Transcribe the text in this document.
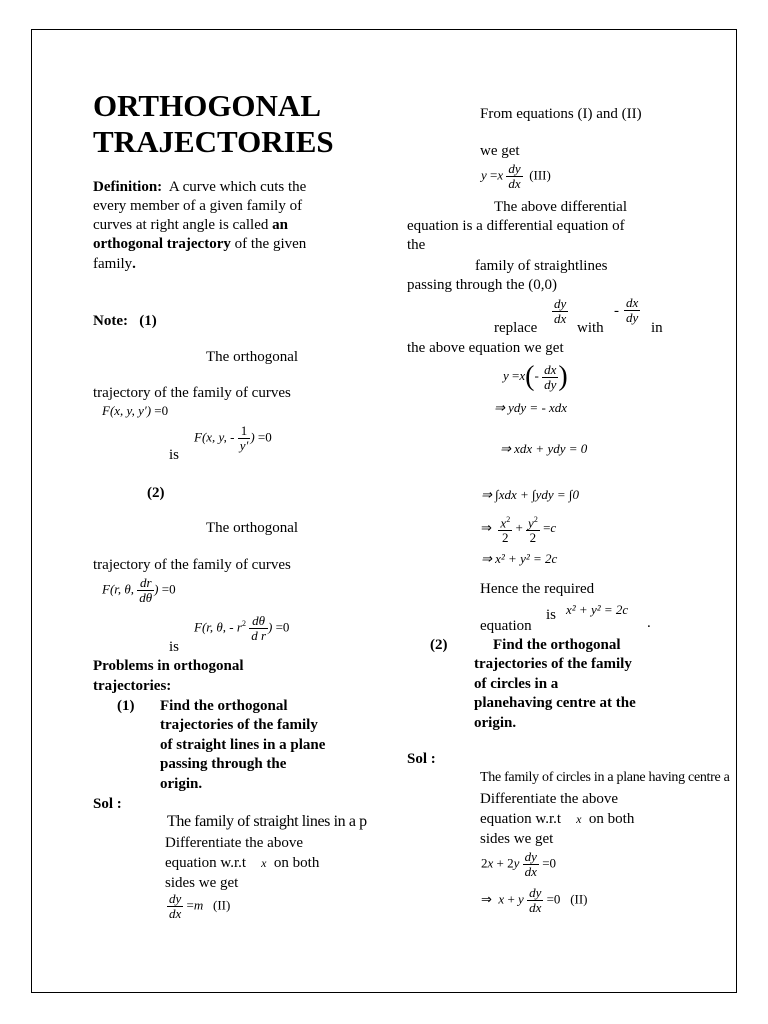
ORTHOGONAL
TRAJECTORIES
Definition: A curve which cuts the
every member of a given family of
curves at right angle is called an
orthogonal trajectory of the given
family.
Note: (1)
The orthogonal
trajectory of the family of curves
F(x, y, y′) =0
F(x, y, - $\frac{1}{y'}$ ) =0
is
(2)
The orthogonal
trajectory of the family of curves
F(r, θ, $\frac{dr}{d\theta}$ ) =0
F(r, θ, - $r^2 \frac{d\theta}{\text{d r}}$ ) =0
is
Problems in orthogonal
trajectories:
(1) Find the orthogonal
trajectories of the family
of straight lines in a plane
passing through the
origin.
Sol :
The family of straight lines in a p
Differentiate the above
equation w.r.t x on both
sides we get
$\frac{dy}{dx} =m$   (II)
From equations (I) and (II)
we get
$y =x \frac{dy}{dx} (III)$
The above differential
equation is a differential equation of
the
family of straightlines
passing through the (0,0)
replace
$\frac{dy}{dx}$
with
- $\frac{dx}{dy}$
in
the above equation we get
$y =x(- \frac{dx}{dy}$ )
⇒ ydy = - xdx
⇒ xdx + ydy = 0
⇒ ∫xdx + ∫ydy = ∫0
⇒ $\frac{x^2}{2} + \frac{y^2}{2} =c$
⇒ x² + y² = 2c
Hence the required
is x² + y² = 2c
equation	.
(2)	Find the orthogonal
trajectories of the family
of circles in a
planehaving centre at the
origin.
Sol :
The family of circles in a plane having centre a
Differentiate the above
equation w.r.t x on both
sides we get
$2x + 2y \frac{dy}{dx} =0$
⇒  x + y $\frac{dy}{dx} =0$ (II)
